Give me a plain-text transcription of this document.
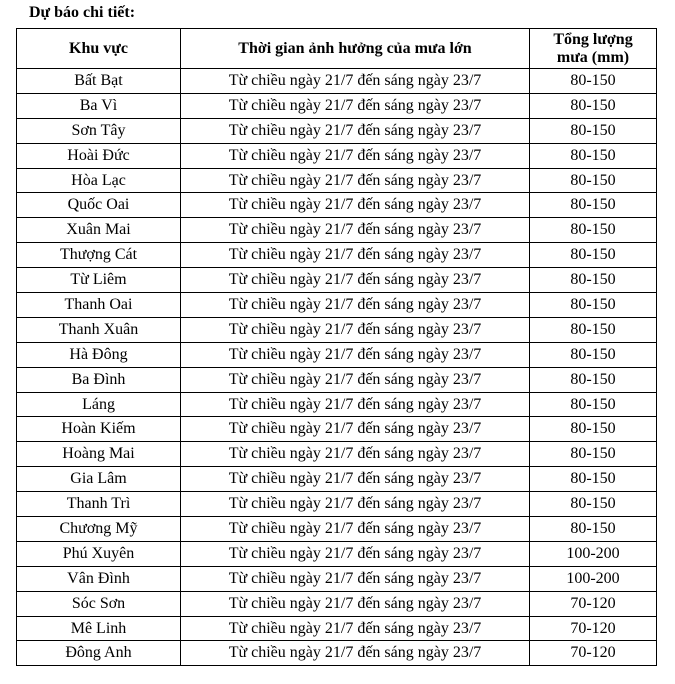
Dự báo chi tiết:
Khu vực	Thời gian ảnh hưởng của mưa lớn	Tổng lượng
mưa (mm)
Bất Bạt	Từ chiều ngày 21/7 đến sáng ngày 23/7	80-150
Ba Vì	Từ chiều ngày 21/7 đến sáng ngày 23/7	80-150
Sơn Tây	Từ chiều ngày 21/7 đến sáng ngày 23/7	80-150
Hoài Đức	Từ chiều ngày 21/7 đến sáng ngày 23/7	80-150
Hòa Lạc	Từ chiều ngày 21/7 đến sáng ngày 23/7	80-150
Quốc Oai	Từ chiều ngày 21/7 đến sáng ngày 23/7	80-150
Xuân Mai	Từ chiều ngày 21/7 đến sáng ngày 23/7	80-150
Thượng Cát	Từ chiều ngày 21/7 đến sáng ngày 23/7	80-150
Từ Liêm	Từ chiều ngày 21/7 đến sáng ngày 23/7	80-150
Thanh Oai	Từ chiều ngày 21/7 đến sáng ngày 23/7	80-150
Thanh Xuân	Từ chiều ngày 21/7 đến sáng ngày 23/7	80-150
Hà Đông	Từ chiều ngày 21/7 đến sáng ngày 23/7	80-150
Ba Đình	Từ chiều ngày 21/7 đến sáng ngày 23/7	80-150
Láng	Từ chiều ngày 21/7 đến sáng ngày 23/7	80-150
Hoàn Kiếm	Từ chiều ngày 21/7 đến sáng ngày 23/7	80-150
Hoàng Mai	Từ chiều ngày 21/7 đến sáng ngày 23/7	80-150
Gia Lâm	Từ chiều ngày 21/7 đến sáng ngày 23/7	80-150
Thanh Trì	Từ chiều ngày 21/7 đến sáng ngày 23/7	80-150
Chương Mỹ	Từ chiều ngày 21/7 đến sáng ngày 23/7	80-150
Phú Xuyên	Từ chiều ngày 21/7 đến sáng ngày 23/7	100-200
Vân Đình	Từ chiều ngày 21/7 đến sáng ngày 23/7	100-200
Sóc Sơn	Từ chiều ngày 21/7 đến sáng ngày 23/7	70-120
Mê Linh	Từ chiều ngày 21/7 đến sáng ngày 23/7	70-120
Đông Anh	Từ chiều ngày 21/7 đến sáng ngày 23/7	70-120
